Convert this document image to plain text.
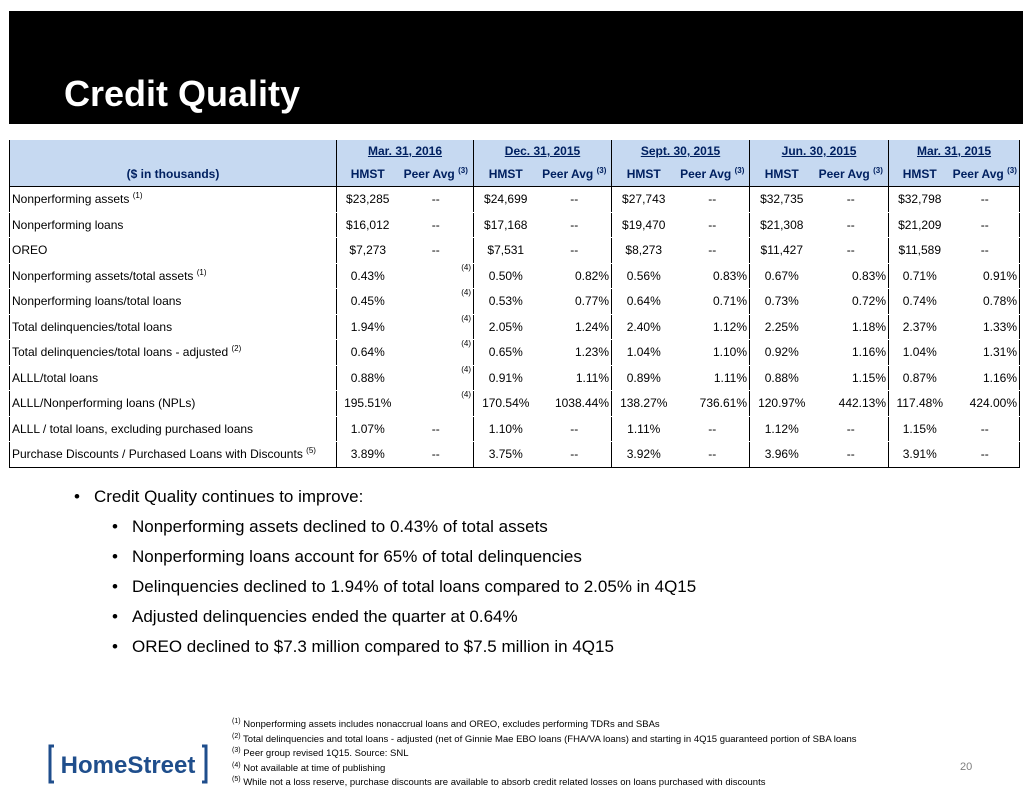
Credit Quality
	Mar. 31, 2016		Dec. 31, 2015		Sept. 30, 2015		Jun. 30, 2015		Mar. 31, 2015	
($ in thousands)	HMST	Peer Avg $^{(3)}$	HMST	Peer Avg $^{(3)}$	HMST	Peer Avg $^{(3)}$	HMST	Peer Avg $^{(3)}$	HMST	Peer Avg $^{(3)}$
Nonperforming assets $^{(1)}$	$23,285	--	$24,699	--	$27,743	--	$32,735	--	$32,798	--
Nonperforming loans	$16,012	--	$17,168	--	$19,470	--	$21,308	--	$21,209	--
OREO	$7,273	--	$7,531	--	$8,273	--	$11,427	--	$11,589	--
Nonperforming assets/total assets $^{(1)}$	0.43%	$^{(4)}$	0.50%	0.82%	0.56%	0.83%	0.67%	0.83%	0.71%	0.91%
Nonperforming loans/total loans	0.45%	$^{(4)}$	0.53%	0.77%	0.64%	0.71%	0.73%	0.72%	0.74%	0.78%
Total delinquencies/total loans	1.94%	$^{(4)}$	2.05%	1.24%	2.40%	1.12%	2.25%	1.18%	2.37%	1.33%
Total delinquencies/total loans - adjusted $^{(2)}$	0.64%	$^{(4)}$	0.65%	1.23%	1.04%	1.10%	0.92%	1.16%	1.04%	1.31%
ALLL/total loans	0.88%	$^{(4)}$	0.91%	1.11%	0.89%	1.11%	0.88%	1.15%	0.87%	1.16%
ALLL/Nonperforming loans (NPLs)	195.51%	$^{(4)}$	170.54%	1038.44%	138.27%	736.61%	120.97%	442.13%	117.48%	424.00%
ALLL / total loans, excluding purchased loans	1.07%	--	1.10%	--	1.11%	--	1.12%	--	1.15%	--
Purchase Discounts / Purchased Loans with Discounts $^{(5)}$	3.89%	--	3.75%	--	3.92%	--	3.96%	--	3.91%	--
• Credit Quality continues to improve:
• Nonperforming assets declined to 0.43% of total assets
• Nonperforming loans account for 65% of total delinquencies
• Delinquencies declined to 1.94% of total loans compared to 2.05% in 4Q15
• Adjusted delinquencies ended the quarter at 0.64%
• OREO declined to $7.3 million compared to $7.5 million in 4Q15
$^{(1)}$ Nonperforming assets includes nonaccrual loans and OREO, excludes performing TDRs and SBAs
$^{(2)}$ Total delinquencies and total loans - adjusted (net of Ginnie Mae EBO loans (FHA/VA loans) and starting in 4Q15 guaranteed portion of SBA loans
$^{(3)}$ Peer group revised 1Q15. Source: SNL
$^{(4)}$ Not available at time of publishing
$^{(5)}$ While not a loss reserve, purchase discounts are available to absorb credit related losses on loans purchased with discounts
HomeStreet	20
